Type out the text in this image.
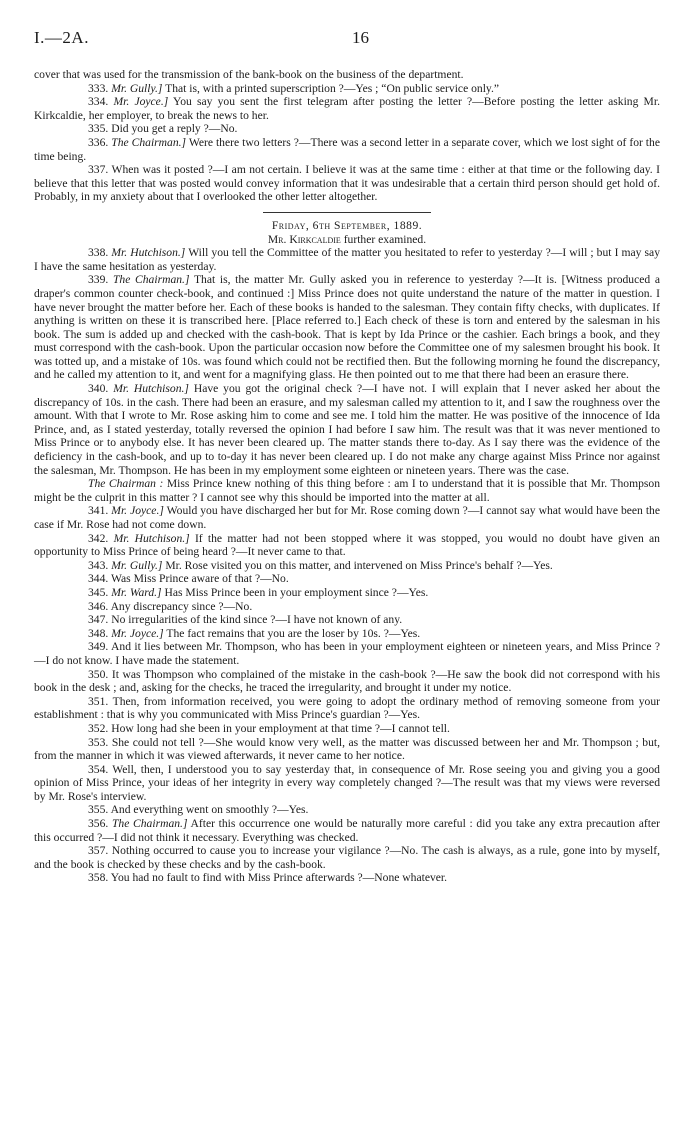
I.—2A.	16

cover that was used for the transmission of the bank-book on the business of the department.

333. Mr. Gully.] That is, with a printed superscription ?—Yes ; “On public service only.”

334. Mr. Joyce.] You say you sent the first telegram after posting the letter ?—Before posting the letter asking Mr. Kirkcaldie, her employer, to break the news to her.

335. Did you get a reply ?—No.

336. The Chairman.] Were there two letters ?—There was a second letter in a separate cover, which we lost sight of for the time being.

337. When was it posted ?—I am not certain. I believe it was at the same time : either at that time or the following day. I believe that this letter that was posted would convey information that it was undesirable that a certain third person should get hold of. Probably, in my anxiety about that I overlooked the other letter altogether.

Friday, 6th September, 1889.

Mr. Kirkcaldie further examined.

338. Mr. Hutchison.] Will you tell the Committee of the matter you hesitated to refer to yesterday ?—I will ; but I may say I have the same hesitation as yesterday.

339. The Chairman.] That is, the matter Mr. Gully asked you in reference to yesterday ?—It is. [Witness produced a draper's common counter check-book, and continued :] Miss Prince does not quite understand the nature of the matter in question. I have never brought the matter before her. Each of these books is handed to the salesman. They contain fifty checks, with duplicates. If anything is written on these it is transcribed here. [Place referred to.] Each check of these is torn and entered by the salesman in his book. The sum is added up and checked with the cash-book. That is kept by Ida Prince or the cashier. Each brings a book, and they must correspond with the cash-book. Upon the particular occasion now before the Committee one of my salesmen brought his book. It was totted up, and a mistake of 10s. was found which could not be rectified then. But the following morning he found the discrepancy, and he called my attention to it, and went for a magnifying glass. He then pointed out to me that there had been an erasure there.

340. Mr. Hutchison.] Have you got the original check ?—I have not. I will explain that I never asked her about the discrepancy of 10s. in the cash. There had been an erasure, and my salesman called my attention to it, and I saw the roughness over the amount. With that I wrote to Mr. Rose asking him to come and see me. I told him the matter. He was positive of the innocence of Ida Prince, and, as I stated yesterday, totally reversed the opinion I had before I saw him. The result was that it was never mentioned to Miss Prince or to anybody else. It has never been cleared up. The matter stands there to-day. As I say there was the evidence of the deficiency in the cash-book, and up to to-day it has never been cleared up. I do not make any charge against Miss Prince nor against the salesman, Mr. Thompson. He has been in my employment some eighteen or nineteen years. There was the case.

The Chairman : Miss Prince knew nothing of this thing before : am I to understand that it is possible that Mr. Thompson might be the culprit in this matter ? I cannot see why this should be imported into the matter at all.

341. Mr. Joyce.] Would you have discharged her but for Mr. Rose coming down ?—I cannot say what would have been the case if Mr. Rose had not come down.

342. Mr. Hutchison.] If the matter had not been stopped where it was stopped, you would no doubt have given an opportunity to Miss Prince of being heard ?—It never came to that.

343. Mr. Gully.] Mr. Rose visited you on this matter, and intervened on Miss Prince's behalf ?—Yes.

344. Was Miss Prince aware of that ?—No.

345. Mr. Ward.] Has Miss Prince been in your employment since ?—Yes.

346. Any discrepancy since ?—No.

347. No irregularities of the kind since ?—I have not known of any.

348. Mr. Joyce.] The fact remains that you are the loser by 10s. ?—Yes.

349. And it lies between Mr. Thompson, who has been in your employment eighteen or nineteen years, and Miss Prince ?—I do not know. I have made the statement.

350. It was Thompson who complained of the mistake in the cash-book ?—He saw the book did not correspond with his book in the desk ; and, asking for the checks, he traced the irregularity, and brought it under my notice.

351. Then, from information received, you were going to adopt the ordinary method of removing someone from your establishment : that is why you communicated with Miss Prince's guardian ?—Yes.

352. How long had she been in your employment at that time ?—I cannot tell.

353. She could not tell ?—She would know very well, as the matter was discussed between her and Mr. Thompson ; but, from the manner in which it was viewed afterwards, it never came to her notice.

354. Well, then, I understood you to say yesterday that, in consequence of Mr. Rose seeing you and giving you a good opinion of Miss Prince, your ideas of her integrity in every way completely changed ?—The result was that my views were reversed by Mr. Rose's interview.

355. And everything went on smoothly ?—Yes.

356. The Chairman.] After this occurrence one would be naturally more careful : did you take any extra precaution after this occurred ?—I did not think it necessary. Everything was checked.

357. Nothing occurred to cause you to increase your vigilance ?—No. The cash is always, as a rule, gone into by myself, and the book is checked by these checks and by the cash-book.

358. You had no fault to find with Miss Prince afterwards ?—None whatever.
